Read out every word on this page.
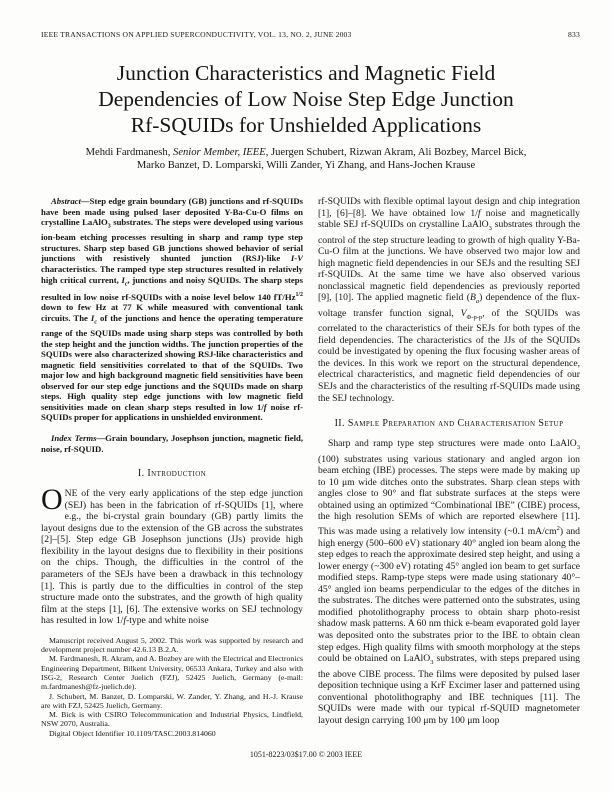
IEEE TRANSACTIONS ON APPLIED SUPERCONDUCTIVITY, VOL. 13, NO. 2, JUNE 2003	833
Junction Characteristics and Magnetic Field
Dependencies of Low Noise Step Edge Junction
Rf-SQUIDs for Unshielded Applications
Mehdi Fardmanesh, Senior Member, IEEE, Juergen Schubert, Rizwan Akram, Ali Bozbey, Marcel Bick,
Marko Banzet, D. Lomparski, Willi Zander, Yi Zhang, and Hans-Jochen Krause

Abstract—Step edge grain boundary (GB) junctions and rf-SQUIDs have been made using pulsed laser deposited Y-Ba-Cu-O films on crystalline LaAlO$_3$ substrates. The steps were developed using various ion-beam etching processes resulting in sharp and ramp type step structures. Sharp step based GB junctions showed behavior of serial junctions with resistively shunted junction (RSJ)-like I-V characteristics. The ramped type step structures resulted in relatively high critical current, $I_c$, junctions and noisy SQUIDs. The sharp steps resulted in low noise rf-SQUIDs with a noise level below 140 $fT/Hz^{1/2}$ down to few Hz at 77 K while measured with conventional tank circuits. The $I_c$ of the junctions and hence the operating temperature range of the SQUIDs made using sharp steps was controlled by both the step height and the junction widths. The junction properties of the SQUIDs were also characterized showing RSJ-like characteristics and magnetic field sensitivities correlated to that of the SQUIDs. Two major low and high background magnetic field sensitivities have been observed for our step edge junctions and the SQUIDs made on sharp steps. High quality step edge junctions with low magnetic field sensitivities made on clean sharp steps resulted in low 1/f noise rf-SQUIDs proper for applications in unshielded environment.

Index Terms—Grain boundary, Josephson junction, magnetic field, noise, rf-SQUID.

I. Introduction

ONE of the very early applications of the step edge junction (SEJ) has been in the fabrication of rf-SQUIDs [1], where e.g., the bi-crystal grain boundary (GB) partly limits the layout designs due to the extension of the GB across the substrates [2]–[5]. Step edge GB Josephson junctions (JJs) provide high flexibility in the layout designs due to flexibility in their positions on the chips. Though, the difficulties in the control of the parameters of the SEJs have been a drawback in this technology [1]. This is partly due to the difficulties in control of the step structure made onto the substrates, and the growth of high quality film at the steps [1], [6]. The extensive works on SEJ technology has resulted in low 1/f-type and white noise

Manuscript received August 5, 2002. This work was supported by research and development project number 42.6.13 B.2.A.

M. Fardmanesh, R. Akram, and A. Bozbey are with the Electrical and Electronics Engineering Department, Bilkent University, 06533 Ankara, Turkey and also with ISG-2, Research Center Juelich (FZJ), 52425 Juelich, Germany (e-mail: m.fardmanesh@fz-juelich.de).

J. Schubert, M. Banzet, D. Lomparski, W. Zander, Y. Zhang, and H.-J. Krause are with FZJ, 52425 Juelich, Germany.

M. Bick is with CSIRO Telecommunication and Industrial Physics, Lindfield, NSW 2070, Australia.

Digital Object Identifier 10.1109/TASC.2003.814060

rf-SQUIDs with flexible optimal layout design and chip integration [1], [6]–[8]. We have obtained low 1/f noise and magnetically stable SEJ rf-SQUIDs on crystalline LaAlO$_3$ substrates through the control of the step structure leading to growth of high quality Y-Ba-Cu-O film at the junctions. We have observed two major low and high magnetic field dependencies in our SEJs and the resulting SEJ rf-SQUIDs. At the same time we have also observed various nonclassical magnetic field dependencies as previously reported [9], [10]. The applied magnetic field $(B_a)$ dependence of the flux-voltage transfer function signal, $V_{\Phi-p-p}$, of the SQUIDs was correlated to the characteristics of their SEJs for both types of the field dependencies. The characteristics of the JJs of the SQUIDs could be investigated by opening the flux focusing washer areas of the devices. In this work we report on the structural dependence, electrical characteristics, and magnetic field dependencies of our SEJs and the characteristics of the resulting rf-SQUIDs made using the SEJ technology.

II. Sample Preparation and Characterisation Setup

Sharp and ramp type step structures were made onto LaAlO$_3$ (100) substrates using various stationary and angled argon ion beam etching (IBE) processes. The steps were made by making up to 10 μm wide ditches onto the substrates. Sharp clean steps with angles close to 90° and flat substrate surfaces at the steps were obtained using an optimized “Combinational IBE” (CIBE) process, the high resolution SEMs of which are reported elsewhere [11]. This was made using a relatively low intensity (~0.1 $mA/cm^2$) and high energy (500–600 eV) stationary 40° angled ion beam along the step edges to reach the approximate desired step height, and using a lower energy (~300 eV) rotating 45° angled ion beam to get surface modified steps. Ramp-type steps were made using stationary 40°–45° angled ion beams perpendicular to the edges of the ditches in the substrates. The ditches were patterned onto the substrates, using modified photolithography process to obtain sharp photo-resist shadow mask patterns. A 60 nm thick e-beam evaporated gold layer was deposited onto the substrates prior to the IBE to obtain clean step edges. High quality films with smooth morphology at the steps could be obtained on LaAlO$_3$ substrates, with steps prepared using the above CIBE process. The films were deposited by pulsed laser deposition technique using a KrF Excimer laser and patterned using conventional photolithography and IBE techniques [11]. The SQUIDs were made with our typical rf-SQUID magnetometer layout design carrying 100 μm by 100 μm loop

1051-8223/03$17.00 © 2003 IEEE
